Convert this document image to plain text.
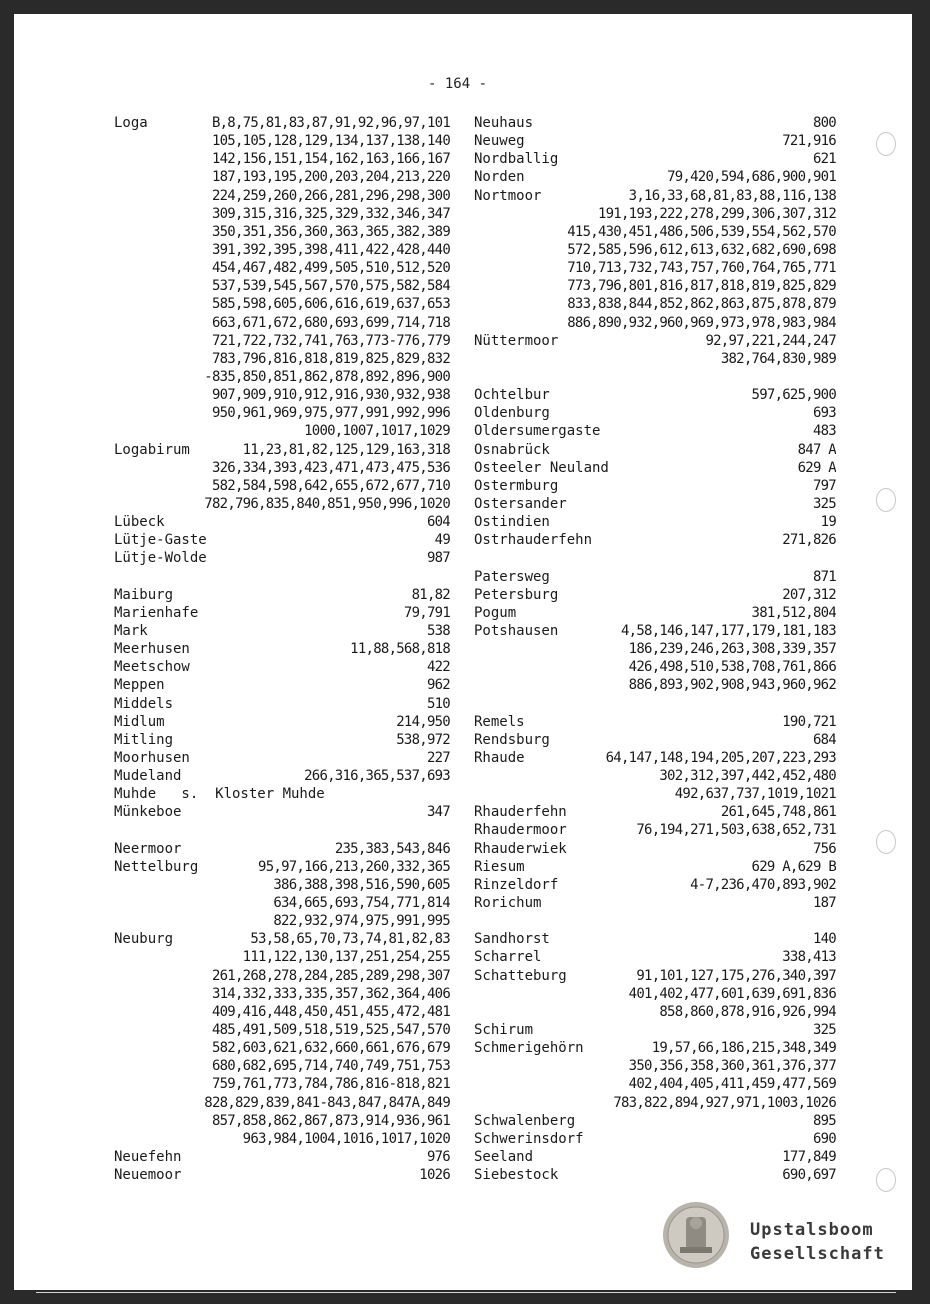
- 164 -
Loga	B,8,75,81,83,87,91,92,96,97,101
105,105,128,129,134,137,138,140
142,156,151,154,162,163,166,167
187,193,195,200,203,204,213,220
224,259,260,266,281,296,298,300
309,315,316,325,329,332,346,347
350,351,356,360,363,365,382,389
391,392,395,398,411,422,428,440
454,467,482,499,505,510,512,520
537,539,545,567,570,575,582,584
585,598,605,606,616,619,637,653
663,671,672,680,693,699,714,718
721,722,732,741,763,773-776,779
783,796,816,818,819,825,829,832
-835,850,851,862,878,892,896,900
907,909,910,912,916,930,932,938
950,961,969,975,977,991,992,996
1000,1007,1017,1029
Logabirum	11,23,81,82,125,129,163,318
326,334,393,423,471,473,475,536
582,584,598,642,655,672,677,710
782,796,835,840,851,950,996,1020
Lübeck	604
Lütje-Gaste	49
Lütje-Wolde	987
Maiburg	81,82
Marienhafe	79,791
Mark	538
Meerhusen	11,88,568,818
Meetschow	422
Meppen	962
Middels	510
Midlum	214,950
Mitling	538,972
Moorhusen	227
Mudeland	266,316,365,537,693
Muhde   s.  Kloster Muhde
Münkeboe	347
Neermoor	235,383,543,846
Nettelburg	95,97,166,213,260,332,365
386,388,398,516,590,605
634,665,693,754,771,814
822,932,974,975,991,995
Neuburg	53,58,65,70,73,74,81,82,83
111,122,130,137,251,254,255
261,268,278,284,285,289,298,307
314,332,333,335,357,362,364,406
409,416,448,450,451,455,472,481
485,491,509,518,519,525,547,570
582,603,621,632,660,661,676,679
680,682,695,714,740,749,751,753
759,761,773,784,786,816-818,821
828,829,839,841-843,847,847A,849
857,858,862,867,873,914,936,961
963,984,1004,1016,1017,1020
Neuefehn	976
Neuemoor	1026
Neuhaus	800
Neuweg	721,916
Nordballig	621
Norden	79,420,594,686,900,901
Nortmoor	3,16,33,68,81,83,88,116,138
191,193,222,278,299,306,307,312
415,430,451,486,506,539,554,562,570
572,585,596,612,613,632,682,690,698
710,713,732,743,757,760,764,765,771
773,796,801,816,817,818,819,825,829
833,838,844,852,862,863,875,878,879
886,890,932,960,969,973,978,983,984
Nüttermoor	92,97,221,244,247
382,764,830,989
Ochtelbur	597,625,900
Oldenburg	693
Oldersumergaste	483
Osnabrück	847 A
Osteeler Neuland	629 A
Ostermburg	797
Ostersander	325
Ostindien	19
Ostrhauderfehn	271,826
Patersweg	871
Petersburg	207,312
Pogum	381,512,804
Potshausen	4,58,146,147,177,179,181,183
186,239,246,263,308,339,357
426,498,510,538,708,761,866
886,893,902,908,943,960,962
Remels	190,721
Rendsburg	684
Rhaude	64,147,148,194,205,207,223,293
302,312,397,442,452,480
492,637,737,1019,1021
Rhauderfehn	261,645,748,861
Rhaudermoor	76,194,271,503,638,652,731
Rhauderwiek	756
Riesum	629 A,629 B
Rinzeldorf	4-7,236,470,893,902
Rorichum	187
Sandhorst	140
Scharrel	338,413
Schatteburg	91,101,127,175,276,340,397
401,402,477,601,639,691,836
858,860,878,916,926,994
Schirum	325
Schmerigehörn	19,57,66,186,215,348,349
350,356,358,360,361,376,377
402,404,405,411,459,477,569
783,822,894,927,971,1003,1026
Schwalenberg	895
Schwerinsdorf	690
Seeland	177,849
Siebestock	690,697
Upstalsboom
Gesellschaft
